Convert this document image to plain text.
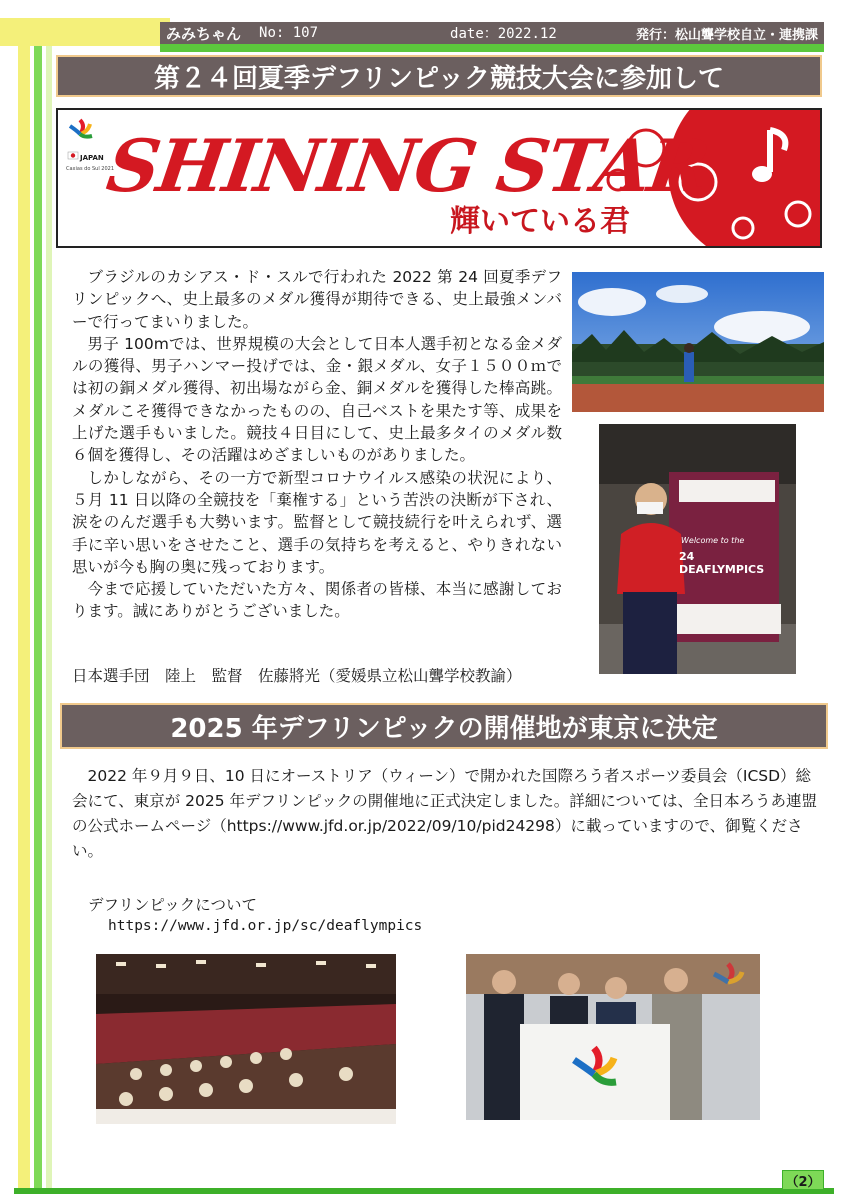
みみちゃん No: 107	date：2022.12	発行：松山聾学校自立・連携課
第２４回夏季デフリンピック競技大会に参加して
JAPAN
Caxias do Sul 2021
SHINING STAR
輝いている君

ブラジルのカシアス・ド・スルで行われた 2022 第 24 回夏季デフリンピックへ、史上最多のメダル獲得が期待できる、史上最強メンバーで行ってまいりました。

男子 100mでは、世界規模の大会として日本人選手初となる金メダルの獲得、男子ハンマー投げでは、金・銀メダル、女子１５００ｍでは初の銅メダル獲得、初出場ながら金、銅メダルを獲得した棒高跳。メダルこそ獲得できなかったものの、自己ベストを果たす等、成果を上げた選手もいました。競技４日目にして、史上最多タイのメダル数６個を獲得し、その活躍はめざましいものがありました。

しかしながら、その一方で新型コロナウイルス感染の状況により、５月 11 日以降の全競技を「棄権する」という苦渋の決断が下され、涙をのんだ選手も大勢います。監督として競技続行を叶えられず、選手に辛い思いをさせたこと、選手の気持ちを考えると、やりきれない思いが今も胸の奥に残っております。

今まで応援していただいた方々、関係者の皆様、本当に感謝しております。誠にありがとうございました。

日本選手団　陸上　監督　佐藤將光（愛媛県立松山聾学校教諭）
Welcome to the
24 DEAFLYMPICS
2025 年デフリンピックの開催地が東京に決定
2022 年９月９日、10 日にオーストリア（ウィーン）で開かれた国際ろう者スポーツ委員会（ICSD）総会にて、東京が 2025 年デフリンピックの開催地に正式決定しました。詳細については、全日本ろうあ連盟の公式ホームページ（https://www.jfd.or.jp/2022/09/10/pid24298）に載っていますので、御覧ください。
デフリンピックについて
https://www.jfd.or.jp/sc/deaflympics
（2）
